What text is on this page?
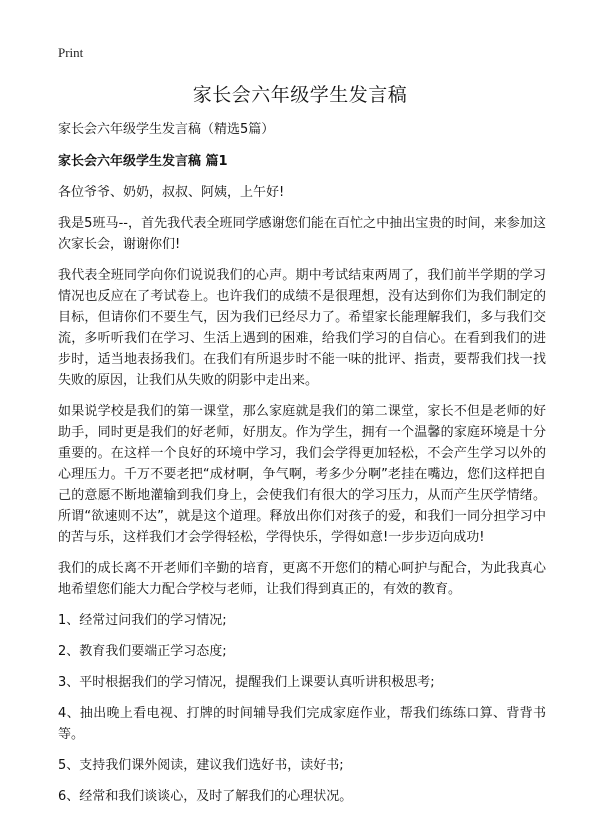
Print
家长会六年级学生发言稿

家长会六年级学生发言稿（精选5篇）

家长会六年级学生发言稿 篇1

各位爷爷、奶奶，叔叔、阿姨，上午好!

我是5班马--，首先我代表全班同学感谢您们能在百忙之中抽出宝贵的时间，来参加这次家长会，谢谢你们!

我代表全班同学向你们说说我们的心声。期中考试结束两周了，我们前半学期的学习情况也反应在了考试卷上。也许我们的成绩不是很理想，没有达到你们为我们制定的目标，但请你们不要生气，因为我们已经尽力了。希望家长能理解我们，多与我们交流，多听听我们在学习、生活上遇到的困难，给我们学习的自信心。在看到我们的进步时，适当地表扬我们。在我们有所退步时不能一味的批评、指责，要帮我们找一找失败的原因，让我们从失败的阴影中走出来。

如果说学校是我们的第一课堂，那么家庭就是我们的第二课堂，家长不但是老师的好助手，同时更是我们的好老师，好朋友。作为学生，拥有一个温馨的家庭环境是十分重要的。在这样一个良好的环境中学习，我们会学得更加轻松，不会产生学习以外的心理压力。千万不要老把“成材啊，争气啊，考多少分啊”老挂在嘴边，您们这样把自己的意愿不断地灌输到我们身上，会使我们有很大的学习压力，从而产生厌学情绪。所谓“欲速则不达”，就是这个道理。释放出你们对孩子的爱，和我们一同分担学习中的苦与乐，这样我们才会学得轻松，学得快乐，学得如意!一步步迈向成功!

我们的成长离不开老师们辛勤的培育，更离不开您们的精心呵护与配合，为此我真心地希望您们能大力配合学校与老师，让我们得到真正的，有效的教育。

1、经常过问我们的学习情况;

2、教育我们要端正学习态度;

3、平时根据我们的学习情况，提醒我们上课要认真听讲积极思考;

4、抽出晚上看电视、打牌的时间辅导我们完成家庭作业，帮我们练练口算、背背书等。

5、支持我们课外阅读，建议我们选好书，读好书;

6、经常和我们谈谈心，及时了解我们的心理状况。
